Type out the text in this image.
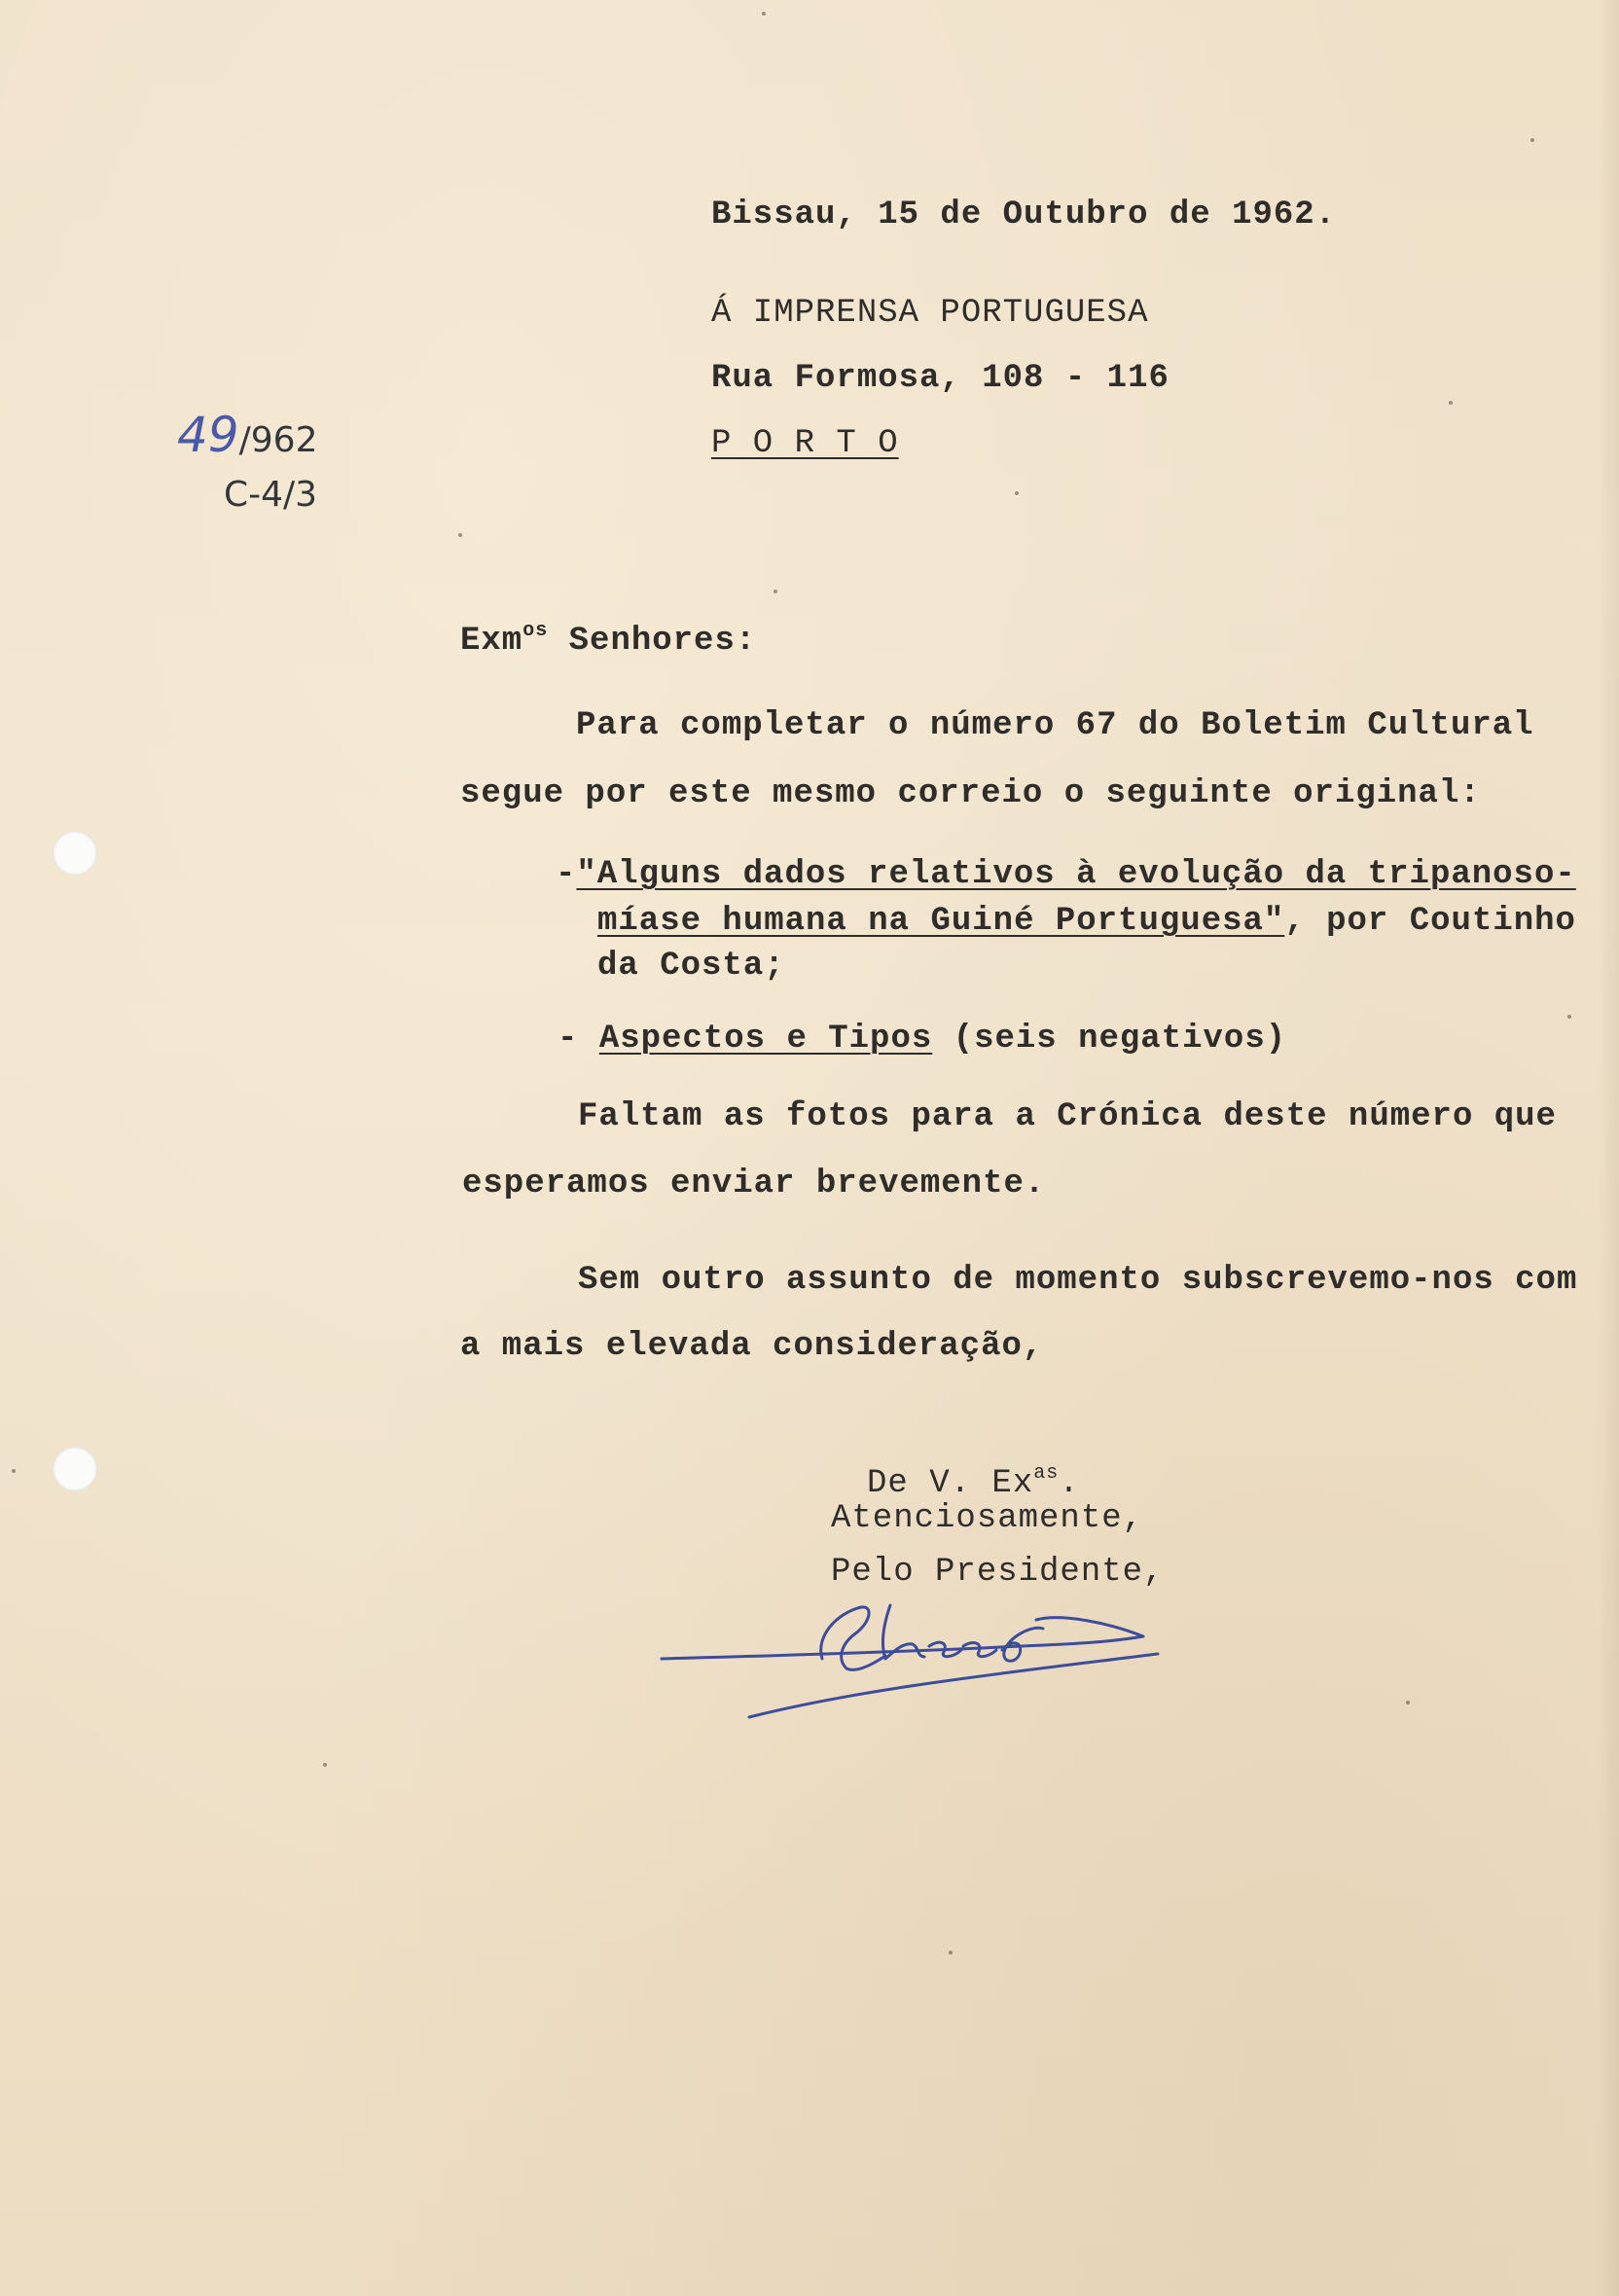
49/962
C-4/3
Bissau, 15 de Outubro de 1962.
Á IMPRENSA PORTUGUESA
Rua Formosa, 108 - 116
P O R T O
Exm$^{os}$ Senhores:
Para completar o número 67 do Boletim Cultural
segue por este mesmo correio o seguinte original:
-"Alguns dados relativos à evolução da tripanoso-
míase humana na Guiné Portuguesa", por Coutinho
da Costa;
- Aspectos e Tipos (seis negativos)
Faltam as fotos para a Crónica deste número que
esperamos enviar brevemente.
Sem outro assunto de momento subscrevemo-nos com
a mais elevada consideração,
De V. $Ex^{as}$.
Atenciosamente,
Pelo Presidente,
